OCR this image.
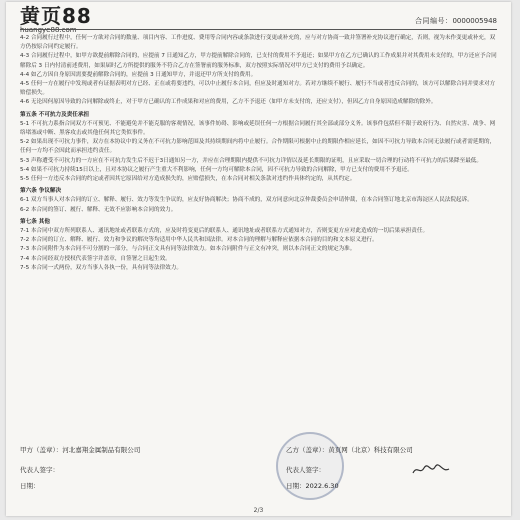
黄页88
huangye88.com
合同编号：0000005948

4-2 合同履行过程中，任何一方欲对合同的数量、项目内容、工作进度、费用等合同内容或条款进行变更或补充的，应与对方协商一致并签署补充协议进行确定，否则，视为未作变更或补充，双方仍按原合同约定履行。

4-3 合同履行过程中，如甲方欲提前解除合同的，应提前 7 日通知乙方，甲方提前解除合同的，已支付的费用不予退还；如果甲方在乙方已确认的工作成果并对其费用未支付的，甲方还应予合同解除后 3 日内付清前述费用，如果届时乙方所提供的服务不符合乙方在签署前的服务标准，双方按照实际情况对甲方已支付的费用予以确定。

4-4 如乙方因自身原因需要提前解除合同的，应提前 3 日通知甲方，并退还甲方所支付的费用。

4-5 任何一方在履行中发现或者有证据表明对方已经、正在或将要违约，可以中止履行本合同，但应及时通知对方。若对方继续不履行、履行不当或者违反合同的，该方可以解除合同并要求对方赔偿损失。

4-6 无论因何原因导致的合同解除或终止，对于甲方已确认的工作成果和对应的费用，乙方不予退还（如甲方未支付的，还应支付），但因乙方自身原因造成解除的除外。

第五条 不可抗力及责任承担

5-1 不可抗力系指合同双方不可预见、不能避免并不能克服的客观情况，该事件妨碍、影响或延误任何一方根据合同履行其全部或部分义务。该事件包括但不限于政府行为、自然灾害、战争、网络堵塞或中断、黑客攻击或其他任何其它类似事件。

5-2 如果出现不可抗力事件，双方在本协议中的义务在不可抗力影响范围及其持续期间内将中止履行。合作期限可根据中止的期限作相应延长，如因不可抗力导致本合同无法履行或者需延期的，任何一方均不会因此而承担违约责任。

5-3 声称遭受不可抗力的一方应在不可抗力发生后不迟于3日通知另一方，并应在合理期限内提供不可抗力详情以及延长期限的证明，且应采取一切合理的行动将不可抗力的后果降至最低。

5-4 如果不可抗力持续15日以上，且对本协议之履行产生重大不利影响，任何一方均可解除本合同，因不可抗力导致的合同解除，甲方已支付的费用不予退还。

5-5 任何一方违反本合同的约定或者因其它原因给对方造成损失的，应赔偿损失，在本合同对相关条款对违约作具体约定的，从其约定。

第六条 争议解决

6-1 双方当事人对本合同的订立、解释、履行、效力等发生争议的，应友好协商解决；协商不成的，双方同意向北京仲裁委员会申请仲裁，在本合同签订地北京市海淀区人民法院起诉。

6-2 本合同的签订、履行、解释、无效不应影响本合同的效力。

第七条 其他

7-1 本合同中双方所列联系人、通讯地址或者联系方式的，应及时将变更后的联系人、通讯地址或者联系方式通知对方，否则变更方应对此造成的一切后果承担责任。

7-2 本合同的订立、解释、履行、效力和争议的解决等均适用中华人民共和国法律。对本合同的理解与解释应依据本合同的目的和文本原义进行。

7-3 本合同附件为本合同不可分割的一部分，与合同正文具有同等法律效力。如本合同附件与正文有冲突，则以本合同正文的规定为准。

7-4 本合同经双方授权代表签字并盖章，自签署之日起生效。

7-5 本合同一式两份，双方当事人各执一份，具有同等法律效力。

甲方（盖章）：河北嘉翔金属制品有限公司	乙方（盖章）：黄页网（北京）科技有限公司
代表人签字：	代表人签字：
日期：	日期：2022.6.30
2/3
